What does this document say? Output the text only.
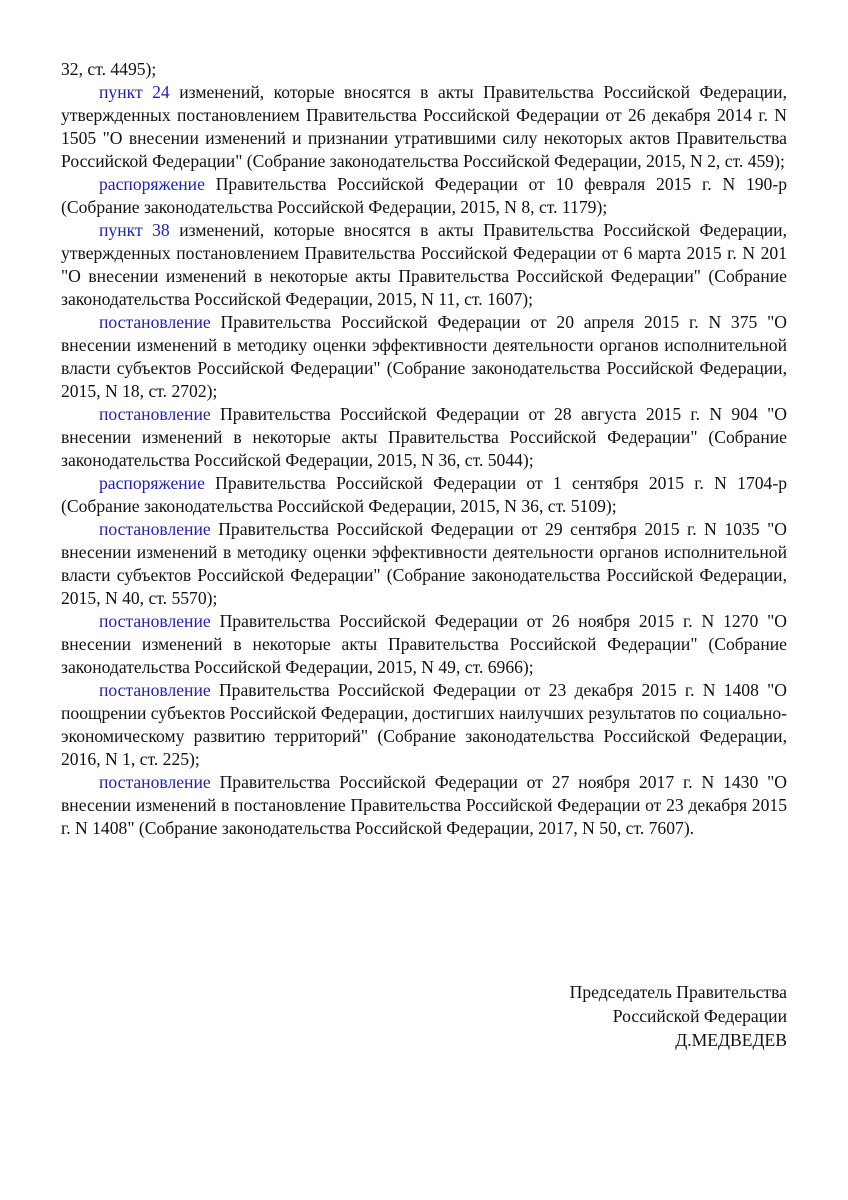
32, ст. 4495);

пункт 24 изменений, которые вносятся в акты Правительства Российской Федерации, утвержденных постановлением Правительства Российской Федерации от 26 декабря 2014 г. N 1505 "О внесении изменений и признании утратившими силу некоторых актов Правительства Российской Федерации" (Собрание законодательства Российской Федерации, 2015, N 2, ст. 459);

распоряжение Правительства Российской Федерации от 10 февраля 2015 г. N 190-р (Собрание законодательства Российской Федерации, 2015, N 8, ст. 1179);

пункт 38 изменений, которые вносятся в акты Правительства Российской Федерации, утвержденных постановлением Правительства Российской Федерации от 6 марта 2015 г. N 201 "О внесении изменений в некоторые акты Правительства Российской Федерации" (Собрание законодательства Российской Федерации, 2015, N 11, ст. 1607);

постановление Правительства Российской Федерации от 20 апреля 2015 г. N 375 "О внесении изменений в методику оценки эффективности деятельности органов исполнительной власти субъектов Российской Федерации" (Собрание законодательства Российской Федерации, 2015, N 18, ст. 2702);

постановление Правительства Российской Федерации от 28 августа 2015 г. N 904 "О внесении изменений в некоторые акты Правительства Российской Федерации" (Собрание законодательства Российской Федерации, 2015, N 36, ст. 5044);

распоряжение Правительства Российской Федерации от 1 сентября 2015 г. N 1704-р (Собрание законодательства Российской Федерации, 2015, N 36, ст. 5109);

постановление Правительства Российской Федерации от 29 сентября 2015 г. N 1035 "О внесении изменений в методику оценки эффективности деятельности органов исполнительной власти субъектов Российской Федерации" (Собрание законодательства Российской Федерации, 2015, N 40, ст. 5570);

постановление Правительства Российской Федерации от 26 ноября 2015 г. N 1270 "О внесении изменений в некоторые акты Правительства Российской Федерации" (Собрание законодательства Российской Федерации, 2015, N 49, ст. 6966);

постановление Правительства Российской Федерации от 23 декабря 2015 г. N 1408 "О поощрении субъектов Российской Федерации, достигших наилучших результатов по социально-экономическому развитию территорий" (Собрание законодательства Российской Федерации, 2016, N 1, ст. 225);

постановление Правительства Российской Федерации от 27 ноября 2017 г. N 1430 "О внесении изменений в постановление Правительства Российской Федерации от 23 декабря 2015 г. N 1408" (Собрание законодательства Российской Федерации, 2017, N 50, ст. 7607).

Председатель Правительства
Российской Федерации
Д.МЕДВЕДЕВ
